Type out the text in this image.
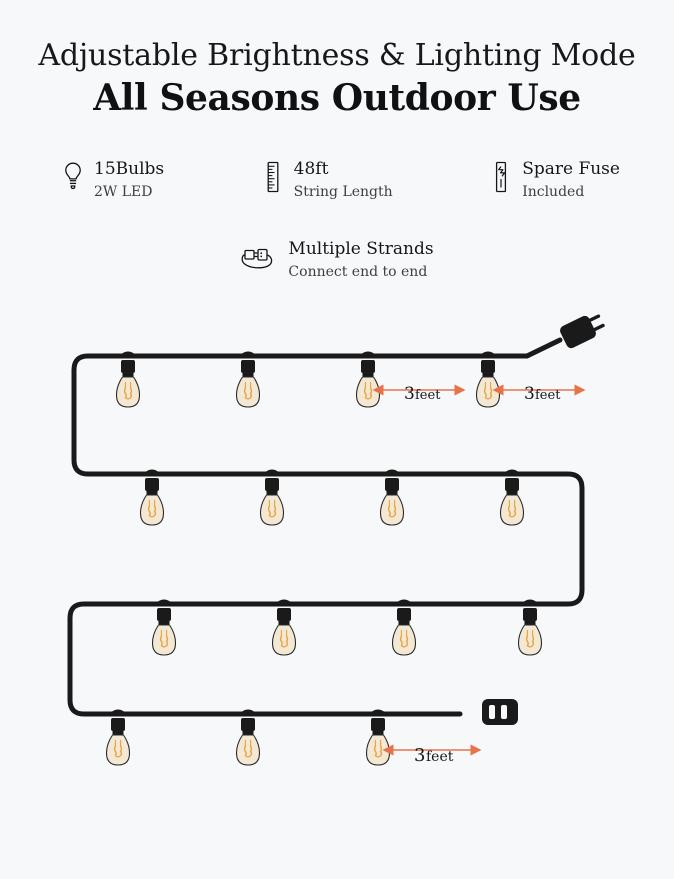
Adjustable Brightness & Lighting Mode
All Seasons Outdoor Use
15Bulbs
2W LED
48ft
String Length
Spare Fuse
Included
Multiple Strands
Connect end to end
3 feet	3 feet
3 feet
